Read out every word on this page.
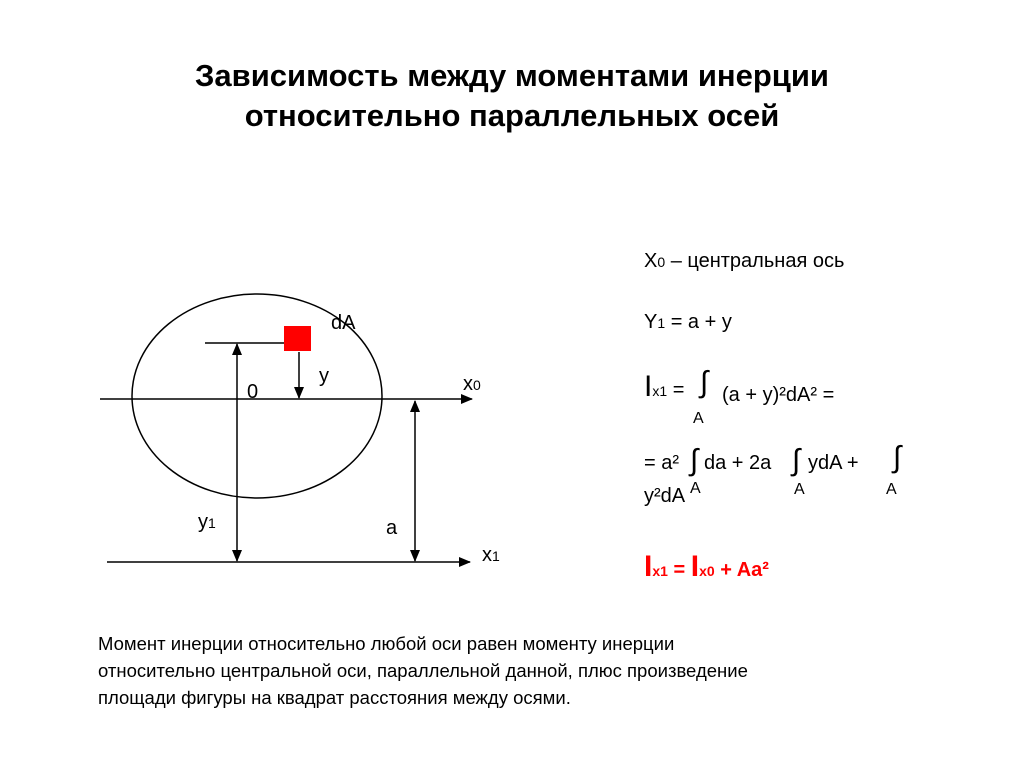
Зависимость между моментами инерции
относительно параллельных осей
dA
y
0	x0
y1	a
x1
X0 – центральная ось
Y1 = a + y
Ix1 = ∫
A
(a + y)²dA² =
= a² ∫ da + 2a ∫ ydA + ∫
A	A	A
y²dA
Ix1 = Ix0 + Aa²
Момент инерции относительно любой оси равен моменту инерции
относительно центральной оси, параллельной данной, плюс произведение
площади фигуры на квадрат расстояния между осями.
